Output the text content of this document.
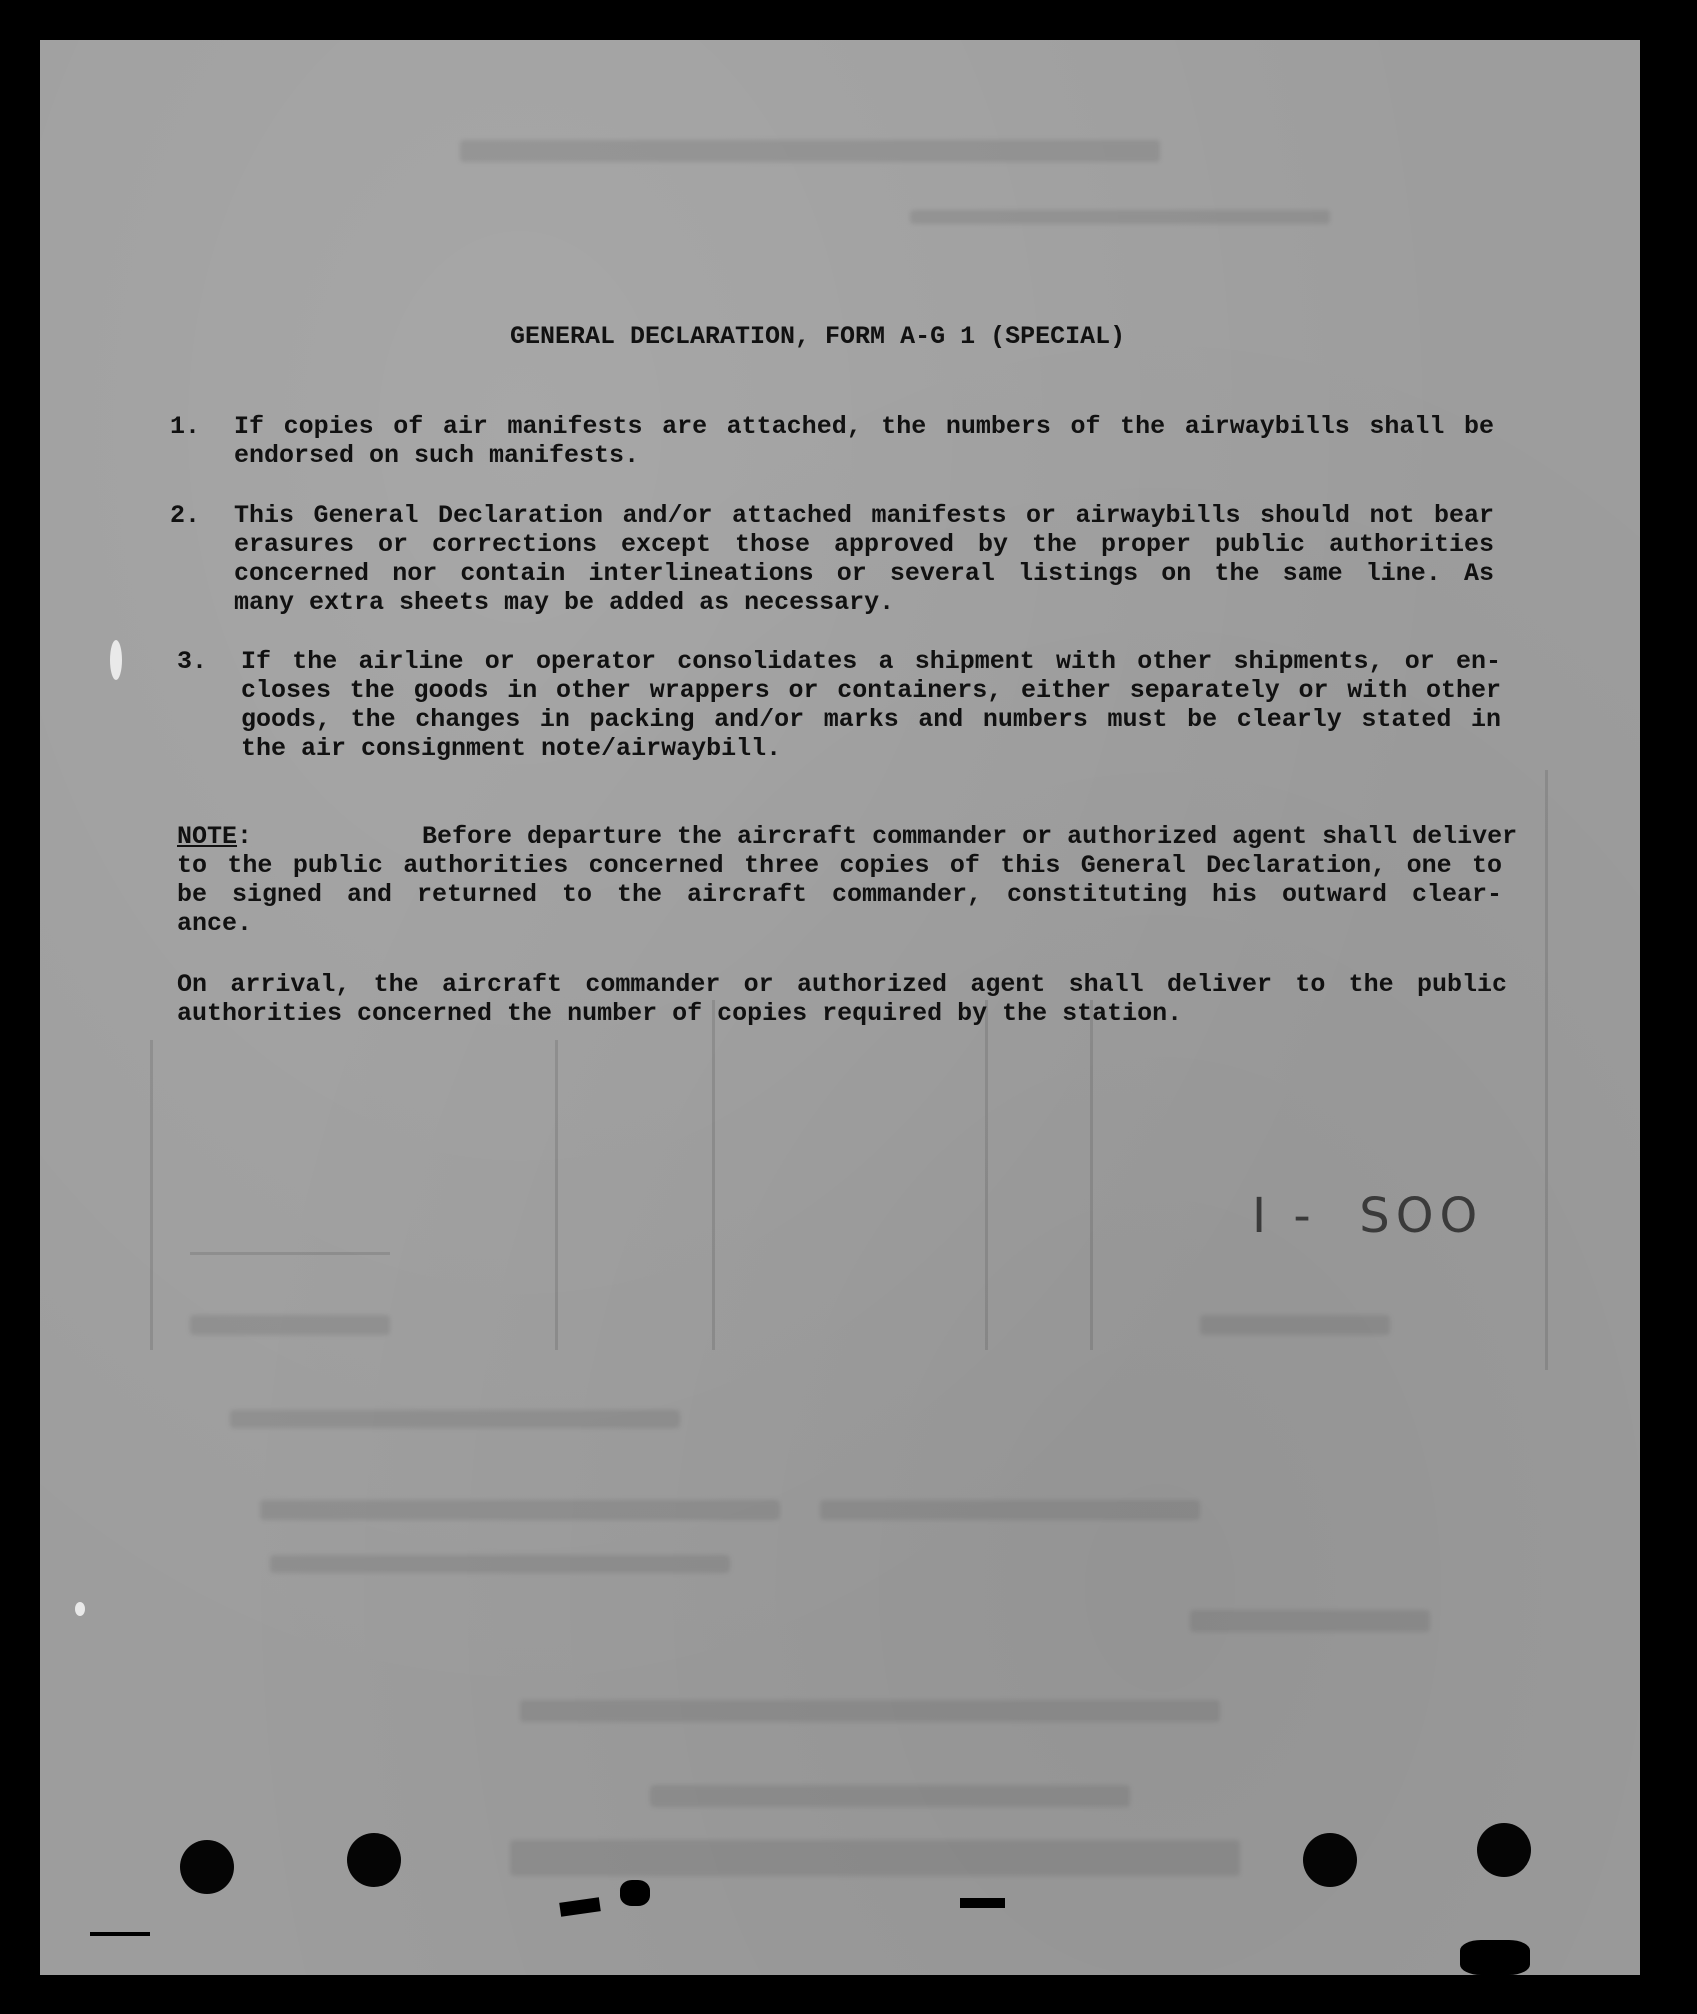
GENERAL DECLARATION, FORM A-G 1 (SPECIAL)
1.	If copies of air manifests are attached, the numbers of the airwaybills shall be
endorsed on such manifests.
2.	This General Declaration and/or attached manifests or airwaybills should not bear
erasures or corrections except those approved by the proper public authorities
concerned nor contain interlineations or several listings on the same line. As
many extra sheets may be added as necessary.
3.	If the airline or operator consolidates a shipment with other shipments, or en-
closes the goods in other wrappers or containers, either separately or with other
goods, the changes in packing and/or marks and numbers must be clearly stated in
the air consignment note/airwaybill.
NOTE:	Before departure the aircraft commander or authorized agent shall deliver
to the public authorities concerned three copies of this General Declaration, one to
be signed and returned to the aircraft commander, constituting his outward clear-
ance.
On arrival, the aircraft commander or authorized agent shall deliver to the public
authorities concerned the number of copies required by the station.
I -  SOO
